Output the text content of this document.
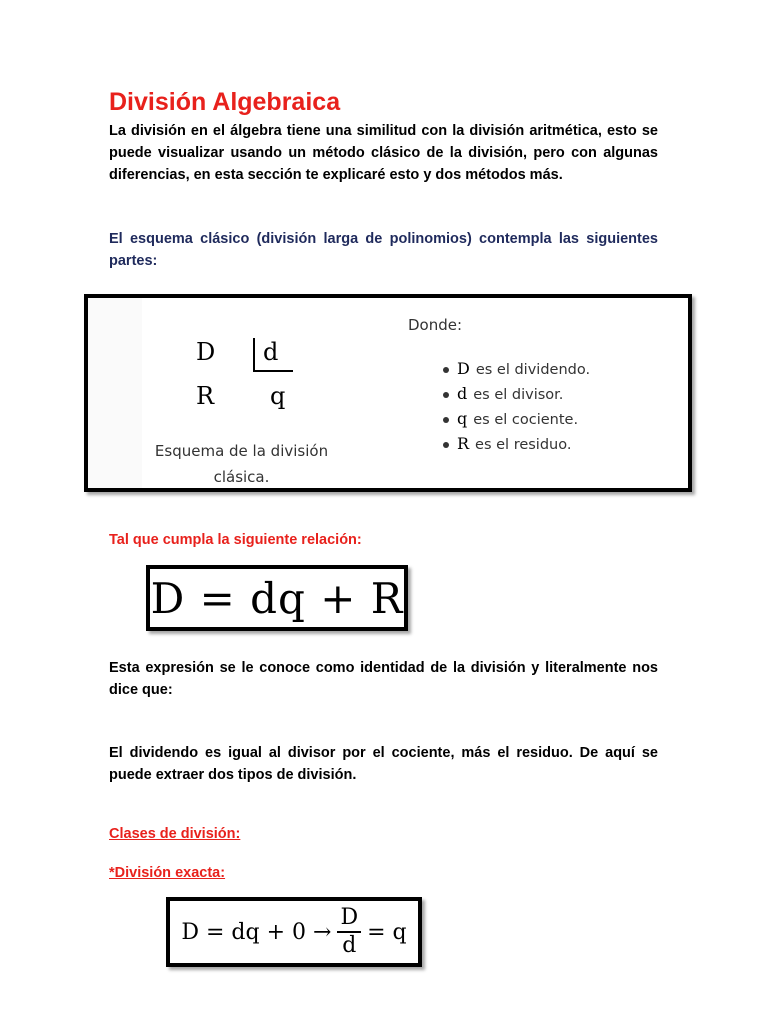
División Algebraica

La división en el álgebra tiene una similitud con la división aritmética, esto se puede visualizar usando un método clásico de la división, pero con algunas diferencias, en esta sección te explicaré esto y dos métodos más.

El esquema clásico (división larga de polinomios) contempla las siguientes partes:

D d
R q
Esquema de la división
clásica.
Donde:
D es el dividendo.
d es el divisor.
q es el cociente.
R es el residuo.

Tal que cumpla la siguiente relación:

D = dq + R

Esta expresión se le conoce como identidad de la división y literalmente nos dice que:

El dividendo es igual al divisor por el cociente, más el residuo. De aquí se puede extraer dos tipos de división.

Clases de división:

*División exacta:

D = dq + $0 \to \frac{D}{d} = q$
